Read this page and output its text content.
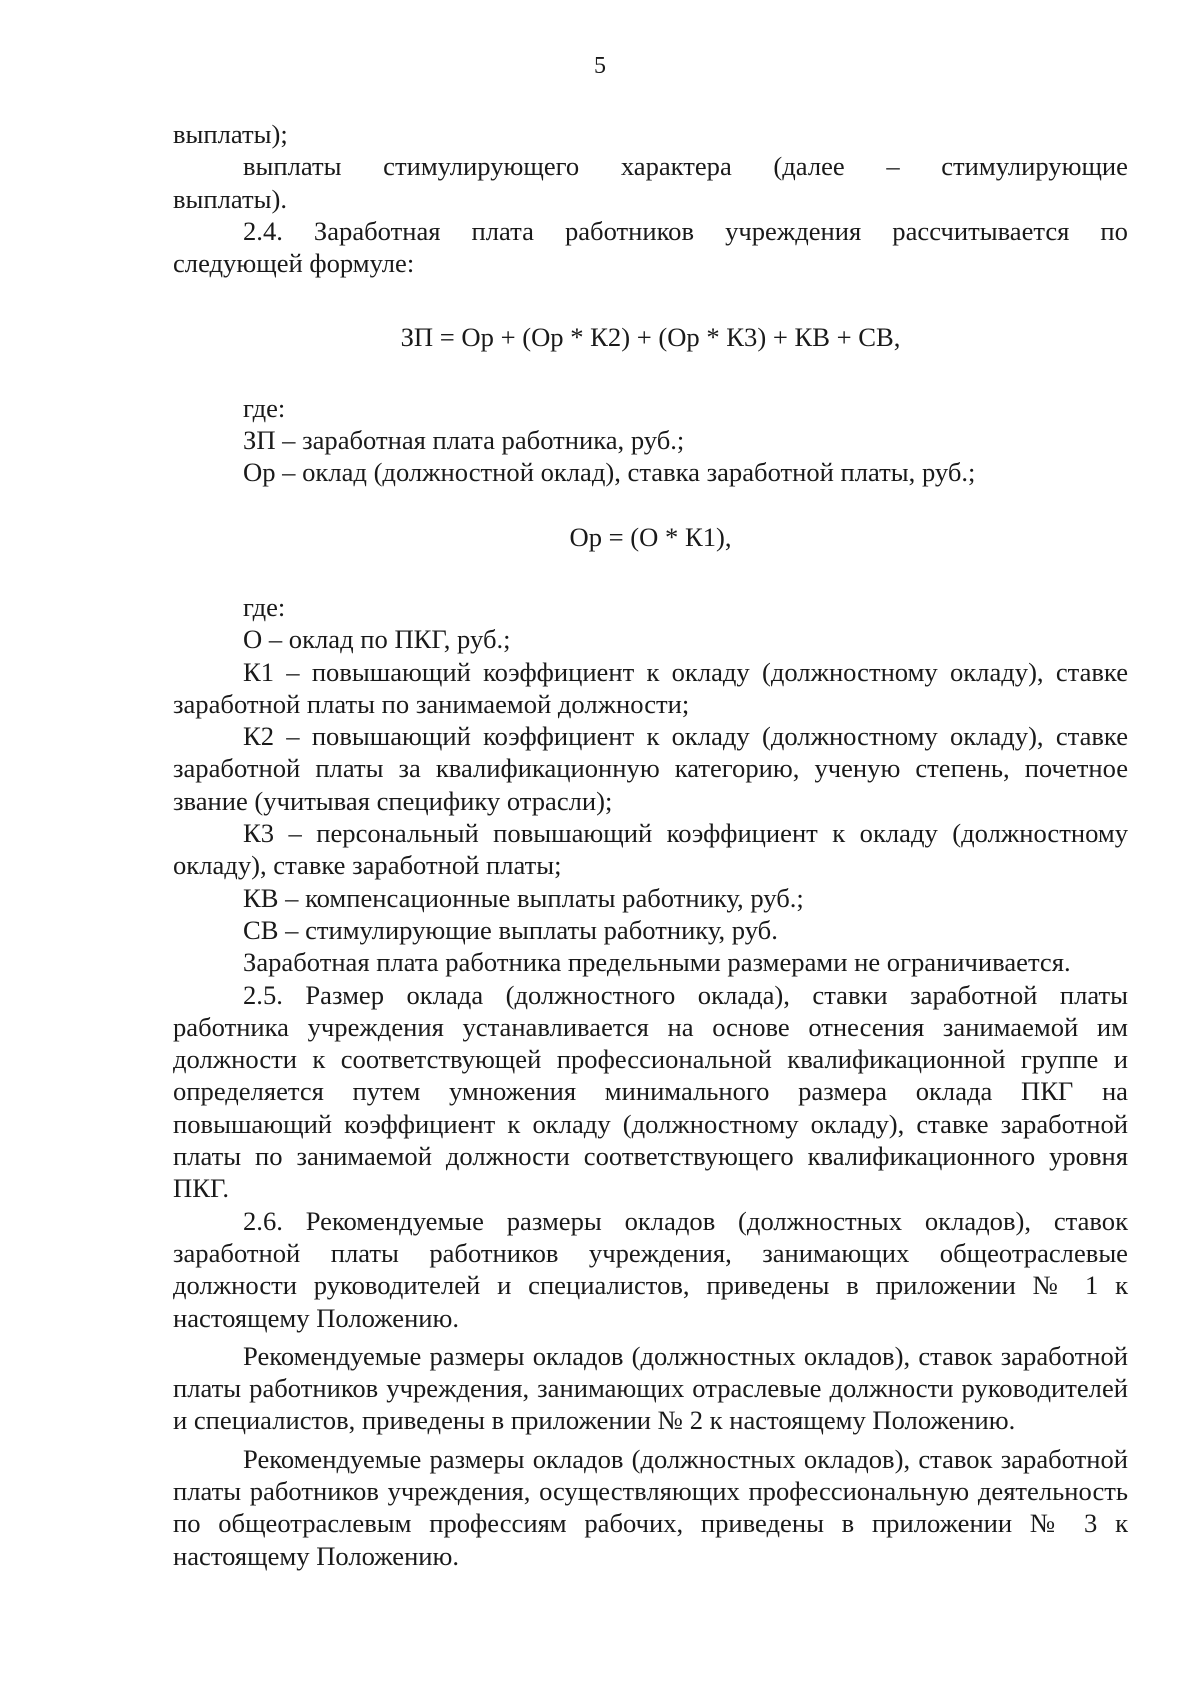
5

выплаты);

выплаты стимулирующего характера (далее – стимулирующие

выплаты).

2.4. Заработная плата работников учреждения рассчитывается по

следующей формуле:

ЗП = Ор + (Ор * К2) + (Ор * К3) + КВ + СВ,

где:

ЗП – заработная плата работника, руб.;

Ор – оклад (должностной оклад), ставка заработной платы, руб.;

Ор = (О * К1),

где:

О – оклад по ПКГ, руб.;

К1 – повышающий коэффициент к окладу (должностному окладу), ставке заработной платы по занимаемой должности;

К2 – повышающий коэффициент к окладу (должностному окладу), ставке заработной платы за квалификационную категорию, ученую степень, почетное звание (учитывая специфику отрасли);

К3 – персональный повышающий коэффициент к окладу (должностному окладу), ставке заработной платы;

КВ – компенсационные выплаты работнику, руб.;

СВ – стимулирующие выплаты работнику, руб.

Заработная плата работника предельными размерами не ограничивается.

2.5. Размер оклада (должностного оклада), ставки заработной платы работника учреждения устанавливается на основе отнесения занимаемой им должности к соответствующей профессиональной квалификационной группе и определяется путем умножения минимального размера оклада ПКГ на повышающий коэффициент к окладу (должностному окладу), ставке заработной платы по занимаемой должности соответствующего квалификационного уровня ПКГ.

2.6. Рекомендуемые размеры окладов (должностных окладов), ставок заработной платы работников учреждения, занимающих общеотраслевые должности руководителей и специалистов, приведены в приложении № 1 к настоящему Положению.

Рекомендуемые размеры окладов (должностных окладов), ставок заработной платы работников учреждения, занимающих отраслевые должности руководителей и специалистов, приведены в приложении № 2 к настоящему Положению.

Рекомендуемые размеры окладов (должностных окладов), ставок заработной платы работников учреждения, осуществляющих профессиональную деятельность по общеотраслевым профессиям рабочих, приведены в приложении № 3 к настоящему Положению.
